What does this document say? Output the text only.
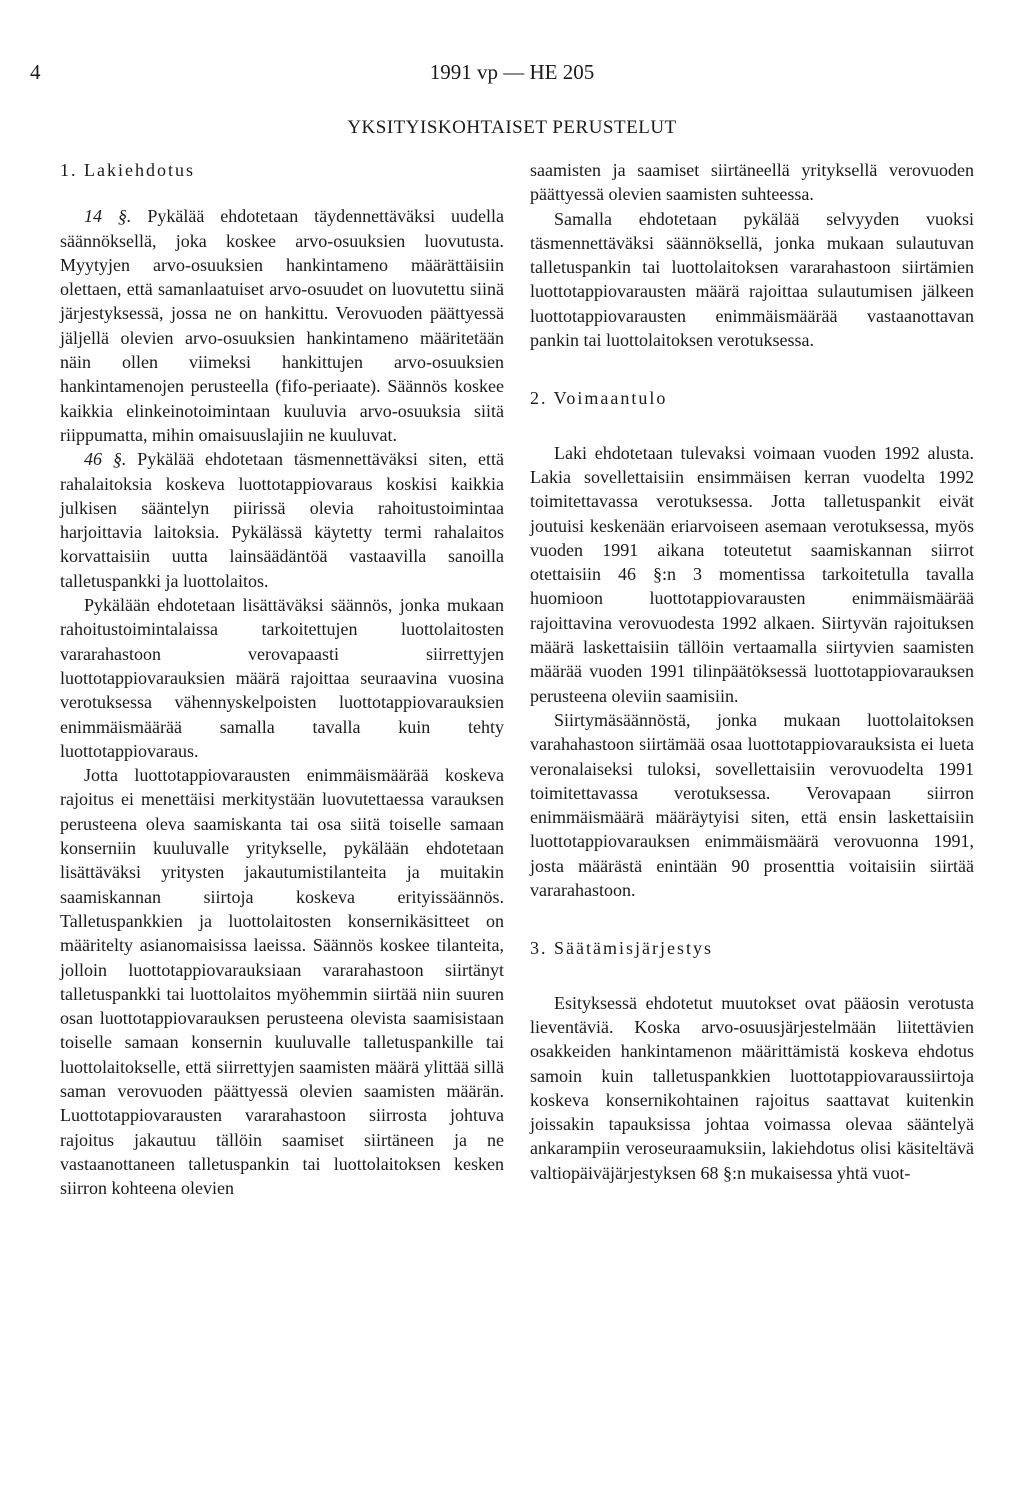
4	1991 vp — HE 205
YKSITYISKOHTAISET PERUSTELUT
1. Lakiehdotus

14 §. Pykälää ehdotetaan täydennettäväksi uudella säännöksellä, joka koskee arvo-osuuksien luovutusta. Myytyjen arvo-osuuksien hankintameno määrättäisiin olettaen, että samanlaatuiset arvo-osuudet on luovutettu siinä järjestyksessä, jossa ne on hankittu. Verovuoden päättyessä jäljellä olevien arvo-osuuksien hankintameno määritetään näin ollen viimeksi hankittujen arvo-osuuksien hankintamenojen perusteella (fifo-periaate). Säännös koskee kaikkia elinkeinotoimintaan kuuluvia arvo-osuuksia siitä riippumatta, mihin omaisuuslajiin ne kuuluvat.

46 §. Pykälää ehdotetaan täsmennettäväksi siten, että rahalaitoksia koskeva luottotappiovaraus koskisi kaikkia julkisen sääntelyn piirissä olevia rahoitustoimintaa harjoittavia laitoksia. Pykälässä käytetty termi rahalaitos korvattaisiin uutta lainsäädäntöä vastaavilla sanoilla talletuspankki ja luottolaitos.

Pykälään ehdotetaan lisättäväksi säännös, jonka mukaan rahoitustoimintalaissa tarkoitettujen luottolaitosten vararahastoon verovapaasti siirrettyjen luottotappiovarauksien määrä rajoittaa seuraavina vuosina verotuksessa vähennyskelpoisten luottotappiovarauksien enimmäismäärää samalla tavalla kuin tehty luottotappiovaraus.

Jotta luottotappiovarausten enimmäismäärää koskeva rajoitus ei menettäisi merkitystään luovutettaessa varauksen perusteena oleva saamiskanta tai osa siitä toiselle samaan konserniin kuuluvalle yritykselle, pykälään ehdotetaan lisättäväksi yritysten jakautumistilanteita ja muitakin saamiskannan siirtoja koskeva erityissäännös. Talletuspankkien ja luottolaitosten konsernikäsitteet on määritelty asianomaisissa laeissa. Säännös koskee tilanteita, jolloin luottotappiovarauksiaan vararahastoon siirtänyt talletuspankki tai luottolaitos myöhemmin siirtää niin suuren osan luottotappiovarauksen perusteena olevista saamisistaan toiselle samaan konsernin kuuluvalle talletuspankille tai luottolaitokselle, että siirrettyjen saamisten määrä ylittää sillä saman verovuoden päättyessä olevien saamisten määrän. Luottotappiovarausten vararahastoon siirrosta johtuva rajoitus jakautuu tällöin saamiset siirtäneen ja ne vastaanottaneen talletuspankin tai luottolaitoksen kesken siirron kohteena olevien

saamisten ja saamiset siirtäneellä yrityksellä verovuoden päättyessä olevien saamisten suhteessa.

Samalla ehdotetaan pykälää selvyyden vuoksi täsmennettäväksi säännöksellä, jonka mukaan sulautuvan talletuspankin tai luottolaitoksen vararahastoon siirtämien luottotappiovarausten määrä rajoittaa sulautumisen jälkeen luottotappiovarausten enimmäismäärää vastaanottavan pankin tai luottolaitoksen verotuksessa.

2. Voimaantulo

Laki ehdotetaan tulevaksi voimaan vuoden 1992 alusta. Lakia sovellettaisiin ensimmäisen kerran vuodelta 1992 toimitettavassa verotuksessa. Jotta talletuspankit eivät joutuisi keskenään eriarvoiseen asemaan verotuksessa, myös vuoden 1991 aikana toteutetut saamiskannan siirrot otettaisiin 46 §:n 3 momentissa tarkoitetulla tavalla huomioon luottotappiovarausten enimmäismäärää rajoittavina verovuodesta 1992 alkaen. Siirtyvän rajoituksen määrä laskettaisiin tällöin vertaamalla siirtyvien saamisten määrää vuoden 1991 tilinpäätöksessä luottotappiovarauksen perusteena oleviin saamisiin.

Siirtymäsäännöstä, jonka mukaan luottolaitoksen varahahastoon siirtämää osaa luottotappiovarauksista ei lueta veronalaiseksi tuloksi, sovellettaisiin verovuodelta 1991 toimitettavassa verotuksessa. Verovapaan siirron enimmäismäärä määräytyisi siten, että ensin laskettaisiin luottotappiovarauksen enimmäismäärä verovuonna 1991, josta määrästä enintään 90 prosenttia voitaisiin siirtää vararahastoon.

3. Säätämisjärjestys

Esityksessä ehdotetut muutokset ovat pääosin verotusta lieventäviä. Koska arvo-osuusjärjestelmään liitettävien osakkeiden hankintamenon määrittämistä koskeva ehdotus samoin kuin talletuspankkien luottotappiovaraussiirtoja koskeva konsernikohtainen rajoitus saattavat kuitenkin joissakin tapauksissa johtaa voimassa olevaa sääntelyä ankarampiin veroseuraamuksiin, lakiehdotus olisi käsiteltävä valtiopäiväjärjestyksen 68 §:n mukaisessa yhtä vuot-
